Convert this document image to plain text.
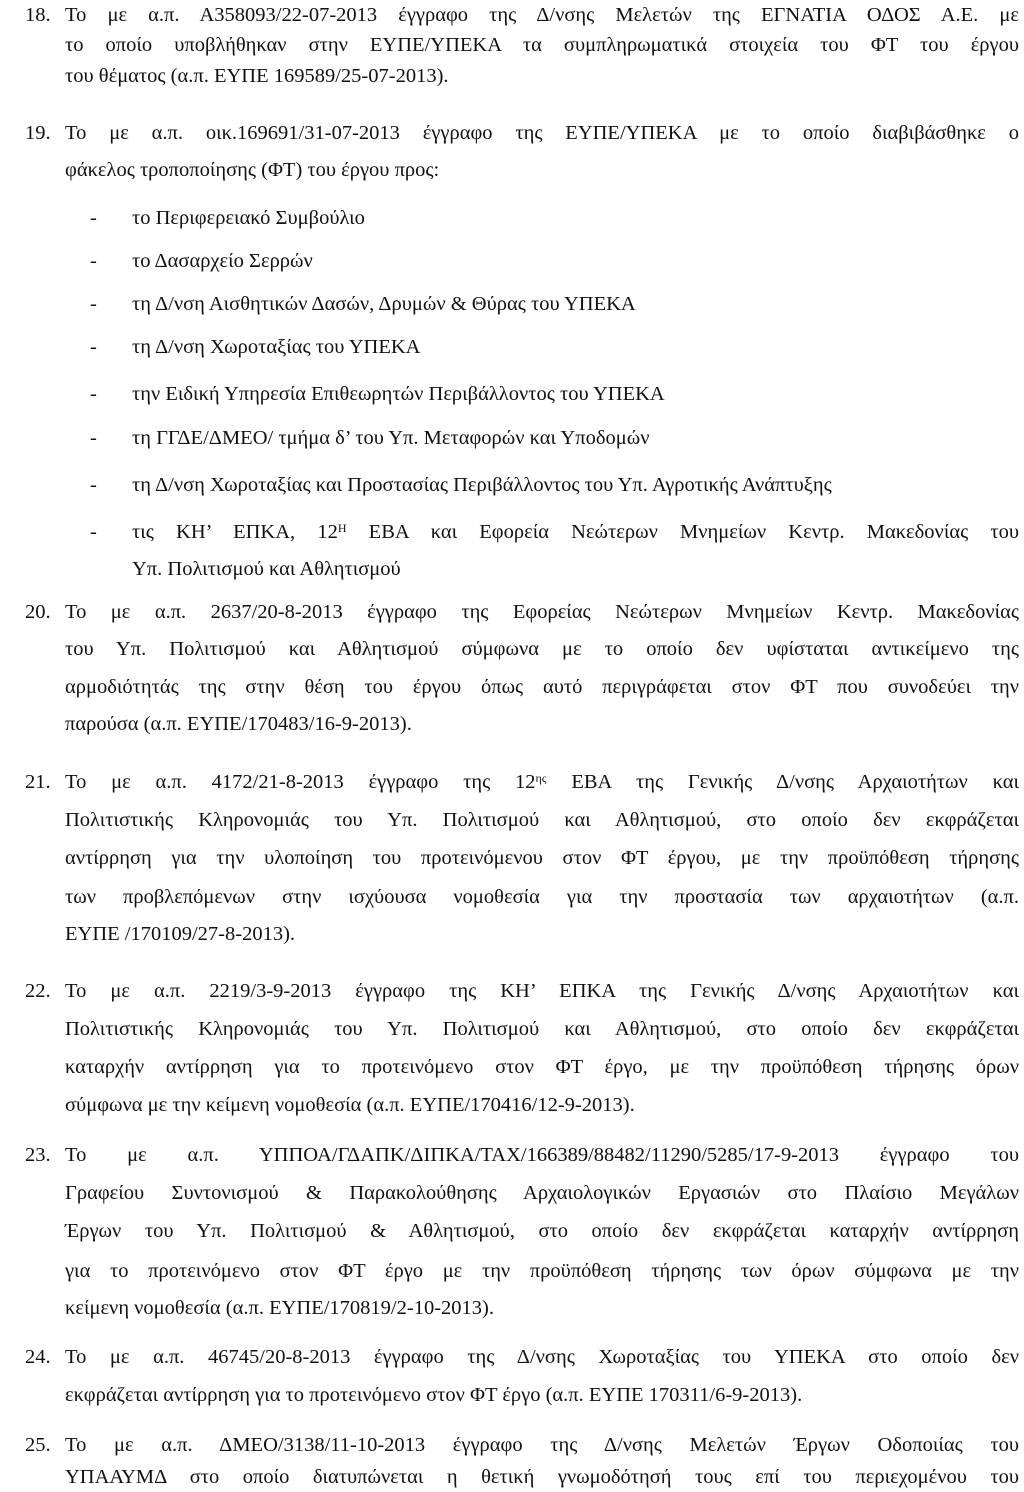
18. Το με α.π. Α358093/22-07-2013 έγγραφο της Δ/νσης Μελετών της ΕΓΝΑΤΙΑ ΟΔΟΣ Α.Ε. με
το οποίο υποβλήθηκαν στην ΕΥΠΕ/ΥΠΕΚΑ τα συμπληρωματικά στοιχεία του ΦΤ του έργου
του θέματος (α.π. ΕΥΠΕ 169589/25-07-2013).
19. Το με α.π. οικ.169691/31-07-2013 έγγραφο της ΕΥΠΕ/ΥΠΕΚΑ με το οποίο διαβιβάσθηκε ο
φάκελος τροποποίησης (ΦΤ) του έργου προς:
- το Περιφερειακό Συμβούλιο
- το Δασαρχείο Σερρών
- τη Δ/νση Αισθητικών Δασών, Δρυμών & Θύρας του ΥΠΕΚΑ
- τη Δ/νση Χωροταξίας του ΥΠΕΚΑ
- την Ειδική Υπηρεσία Επιθεωρητών Περιβάλλοντος του ΥΠΕΚΑ
- τη ΓΓΔΕ/ΔΜΕΟ/ τμήμα δ’ του Υπ. Μεταφορών και Υποδομών
- τη Δ/νση Χωροταξίας και Προστασίας Περιβάλλοντος του Υπ. Αγροτικής Ανάπτυξης
- τις ΚΗ’ ΕΠΚΑ, $12^H$ ΕΒΑ και Εφορεία Νεώτερων Μνημείων Κεντρ. Μακεδονίας του
Υπ. Πολιτισμού και Αθλητισμού
20. Το με α.π. 2637/20-8-2013 έγγραφο της Εφορείας Νεώτερων Μνημείων Κεντρ. Μακεδονίας
του Υπ. Πολιτισμού και Αθλητισμού σύμφωνα με το οποίο δεν υφίσταται αντικείμενο της
αρμοδιότητάς της στην θέση του έργου όπως αυτό περιγράφεται στον ΦΤ που συνοδεύει την
παρούσα (α.π. ΕΥΠΕ/170483/16-9-2013).
21. Το με α.π. 4172/21-8-2013 έγγραφο της $12^{\eta\varsigma}$ ΕΒΑ της Γενικής Δ/νσης Αρχαιοτήτων και
Πολιτιστικής Κληρονομιάς του Υπ. Πολιτισμού και Αθλητισμού, στο οποίο δεν εκφράζεται
αντίρρηση για την υλοποίηση του προτεινόμενου στον ΦΤ έργου, με την προϋπόθεση τήρησης
των προβλεπόμενων στην ισχύουσα νομοθεσία για την προστασία των αρχαιοτήτων (α.π.
ΕΥΠΕ /170109/27-8-2013).
22. Το με α.π. 2219/3-9-2013 έγγραφο της ΚΗ’ ΕΠΚΑ της Γενικής Δ/νσης Αρχαιοτήτων και
Πολιτιστικής Κληρονομιάς του Υπ. Πολιτισμού και Αθλητισμού, στο οποίο δεν εκφράζεται
καταρχήν αντίρρηση για το προτεινόμενο στον ΦΤ έργο, με την προϋπόθεση τήρησης όρων
σύμφωνα με την κείμενη νομοθεσία (α.π. ΕΥΠΕ/170416/12-9-2013).
23. Το με α.π. ΥΠΠΟΑ/ΓΔΑΠΚ/ΔΙΠΚΑ/ΤΑΧ/166389/88482/11290/5285/17-9-2013 έγγραφο του
Γραφείου Συντονισμού & Παρακολούθησης Αρχαιολογικών Εργασιών στο Πλαίσιο Μεγάλων
Έργων του Υπ. Πολιτισμού & Αθλητισμού, στο οποίο δεν εκφράζεται καταρχήν αντίρρηση
για το προτεινόμενο στον ΦΤ έργο με την προϋπόθεση τήρησης των όρων σύμφωνα με την
κείμενη νομοθεσία (α.π. ΕΥΠΕ/170819/2-10-2013).
24. Το με α.π. 46745/20-8-2013 έγγραφο της Δ/νσης Χωροταξίας του ΥΠΕΚΑ στο οποίο δεν
εκφράζεται αντίρρηση για το προτεινόμενο στον ΦΤ έργο (α.π. ΕΥΠΕ 170311/6-9-2013).
25. Το με α.π. ΔΜΕΟ/3138/11-10-2013 έγγραφο της Δ/νσης Μελετών Έργων Οδοποιίας του
ΥΠΑΑΥΜΔ στο οποίο διατυπώνεται η θετική γνωμοδότησή τους επί του περιεχομένου του
